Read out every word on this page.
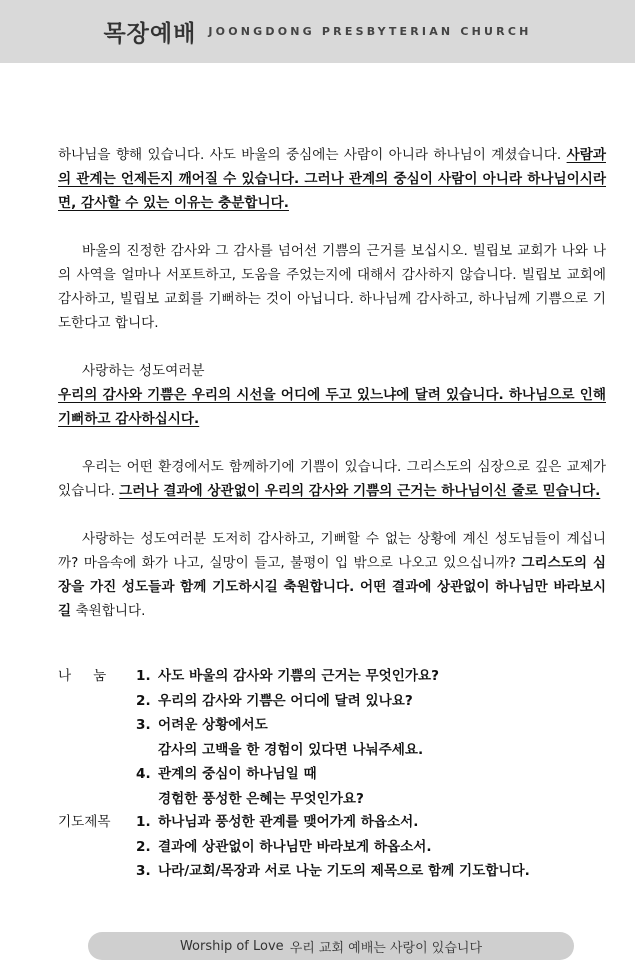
목장예배 JOONGDONG PRESBYTERIAN CHURCH

하나님을 향해 있습니다. 사도 바울의 중심에는 사람이 아니라 하나님이 계셨습니다. 사람과의 관계는 언제든지 깨어질 수 있습니다. 그러나 관계의 중심이 사람이 아니라 하나님이시라면, 감사할 수 있는 이유는 충분합니다.

바울의 진정한 감사와 그 감사를 넘어선 기쁨의 근거를 보십시오. 빌립보 교회가 나와 나의 사역을 얼마나 서포트하고, 도움을 주었는지에 대해서 감사하지 않습니다. 빌립보 교회에 감사하고, 빌립보 교회를 기뻐하는 것이 아닙니다. 하나님께 감사하고, 하나님께 기쁨으로 기도한다고 합니다.

사랑하는 성도여러분

우리의 감사와 기쁨은 우리의 시선을 어디에 두고 있느냐에 달려 있습니다. 하나님으로 인해 기뻐하고 감사하십시다.

우리는 어떤 환경에서도 함께하기에 기쁨이 있습니다. 그리스도의 심장으로 깊은 교제가 있습니다. 그러나 결과에 상관없이 우리의 감사와 기쁨의 근거는 하나님이신 줄로 믿습니다.

사랑하는 성도여러분 도저히 감사하고, 기뻐할 수 없는 상황에 계신 성도님들이 계십니까? 마음속에 화가 나고, 실망이 들고, 불평이 입 밖으로 나오고 있으십니까? 그리스도의 심장을 가진 성도들과 함께 기도하시길 축원합니다. 어떤 결과에 상관없이 하나님만 바라보시길 축원합니다.

나눔 1. 사도 바울의 감사와 기쁨의 근거는 무엇인가요?
2. 우리의 감사와 기쁨은 어디에 달려 있나요?
3. 어려운 상황에서도
감사의 고백을 한 경험이 있다면 나눠주세요.
4. 관계의 중심이 하나님일 때
경험한 풍성한 은혜는 무엇인가요?
기도제목	1. 하나님과 풍성한 관계를 맺어가게 하옵소서.
2. 결과에 상관없이 하나님만 바라보게 하옵소서.
3. 나라/교회/목장과 서로 나눈 기도의 제목으로 함께 기도합니다.
Worship of Love 우리 교회 예배는 사랑이 있습니다
